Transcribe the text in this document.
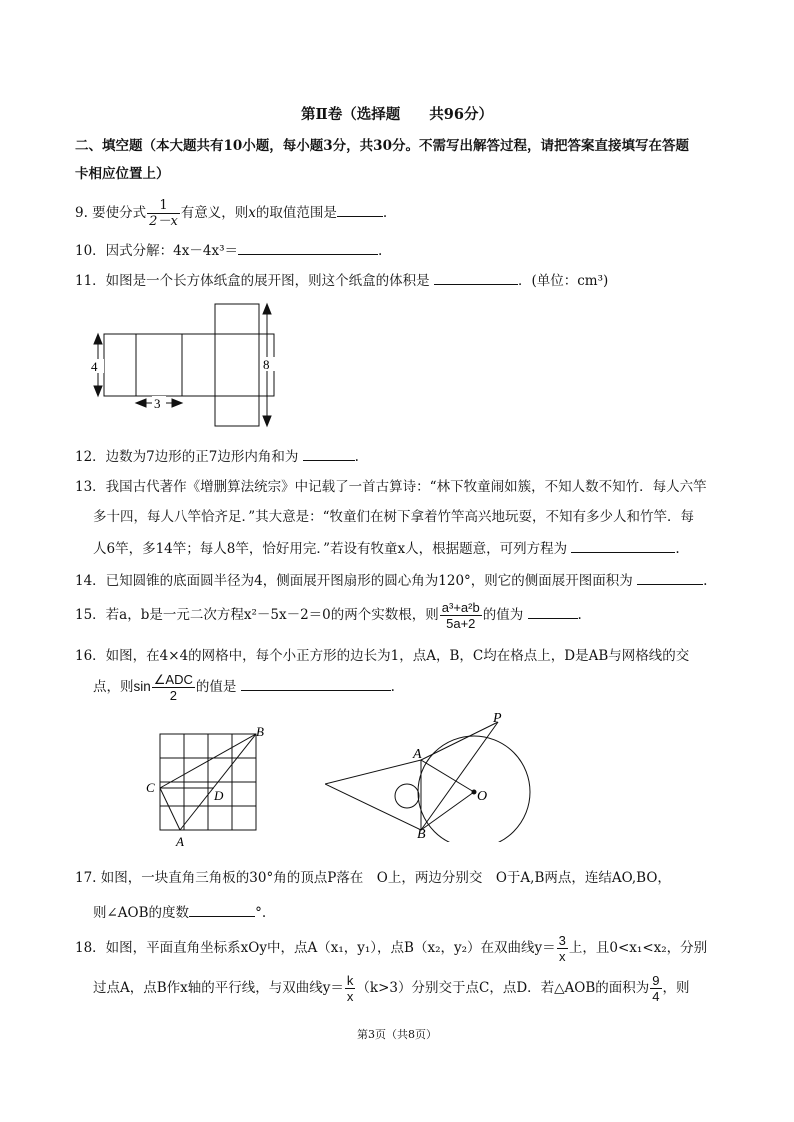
第Ⅱ卷（选择题　　共96分）
二、填空题（本大题共有10小题，每小题3分，共30分。不需写出解答过程，请把答案直接填写在答题
卡相应位置上）
9. 要使分式 $\frac{1}{2-x}$ 有意义，则x的取值范围是	.
10．因式分解：4x－4x³＝	.
11．如图是一个长方体纸盒的展开图，则这个纸盒的体积是	．(单位：cm³)
4
3
8
12．边数为7边形的正7边形内角和为	.
13．我国古代著作《增删算法统宗》中记载了一首古算诗：“林下牧童闹如簇，不知人数不知竹．每人六竿
多十四，每人八竿恰齐足．”其大意是：“牧童们在树下拿着竹竿高兴地玩耍，不知有多少人和竹竿．每
人6竿，多14竿；每人8竿，恰好用完．”若设有牧童x人，根据题意，可列方程为	.
14．已知圆锥的底面圆半径为4，侧面展开图扇形的圆心角为120°，则它的侧面展开图面积为	.
15．若a，b是一元二次方程x²－5x－2＝0的两个实数根，则 $\frac{\text{a³+a²b}}{5a+2}$ 的值为	.
16．如图，在4×4的网格中，每个小正方形的边长为1，点A，B，C均在格点上，D是AB与网格线的交
点，则$\sin \frac{\text{∠ADC}}{2}$ 的值是	.
B
C
D
A
P
A
O
B
17. 如图，一块直角三角板的30°角的顶点P落在　O上，两边分别交　O于A,B两点，连结AO,BO，
则∠AOB的度数	°.
18．如图，平面直角坐标系xOy中，点A（x₁，y₁），点B（x₂，y₂）在双曲线$y= \frac{3}{x}$ 上，且0<x₁<x₂，分别
过点A，点B作x轴的平行线，与双曲线$y= \frac{k}{x} (k>3)$分别交于点C，点D．若△AOB的面积为 $\frac{9}{4}$ ，则
第3页（共8页）
